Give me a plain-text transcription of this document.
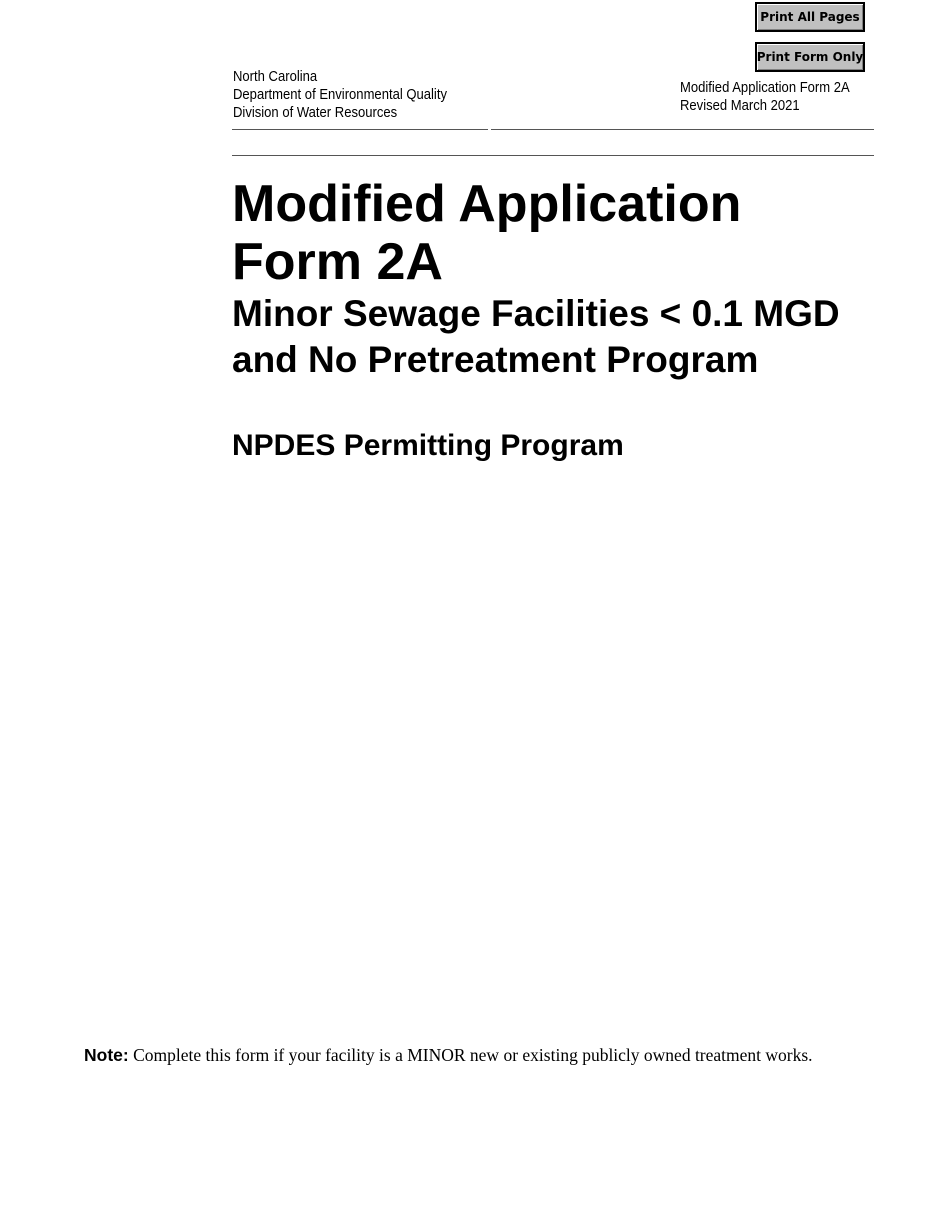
Print All Pages
Print Form Only
North Carolina
Department of Environmental Quality
Division of Water Resources
Modified Application Form 2A
Revised March 2021
Modified Application
Form 2A
Minor Sewage Facilities < 0.1 MGD
and No Pretreatment Program
NPDES Permitting Program

Note: Complete this form if your facility is a MINOR new or existing publicly owned treatment works.
